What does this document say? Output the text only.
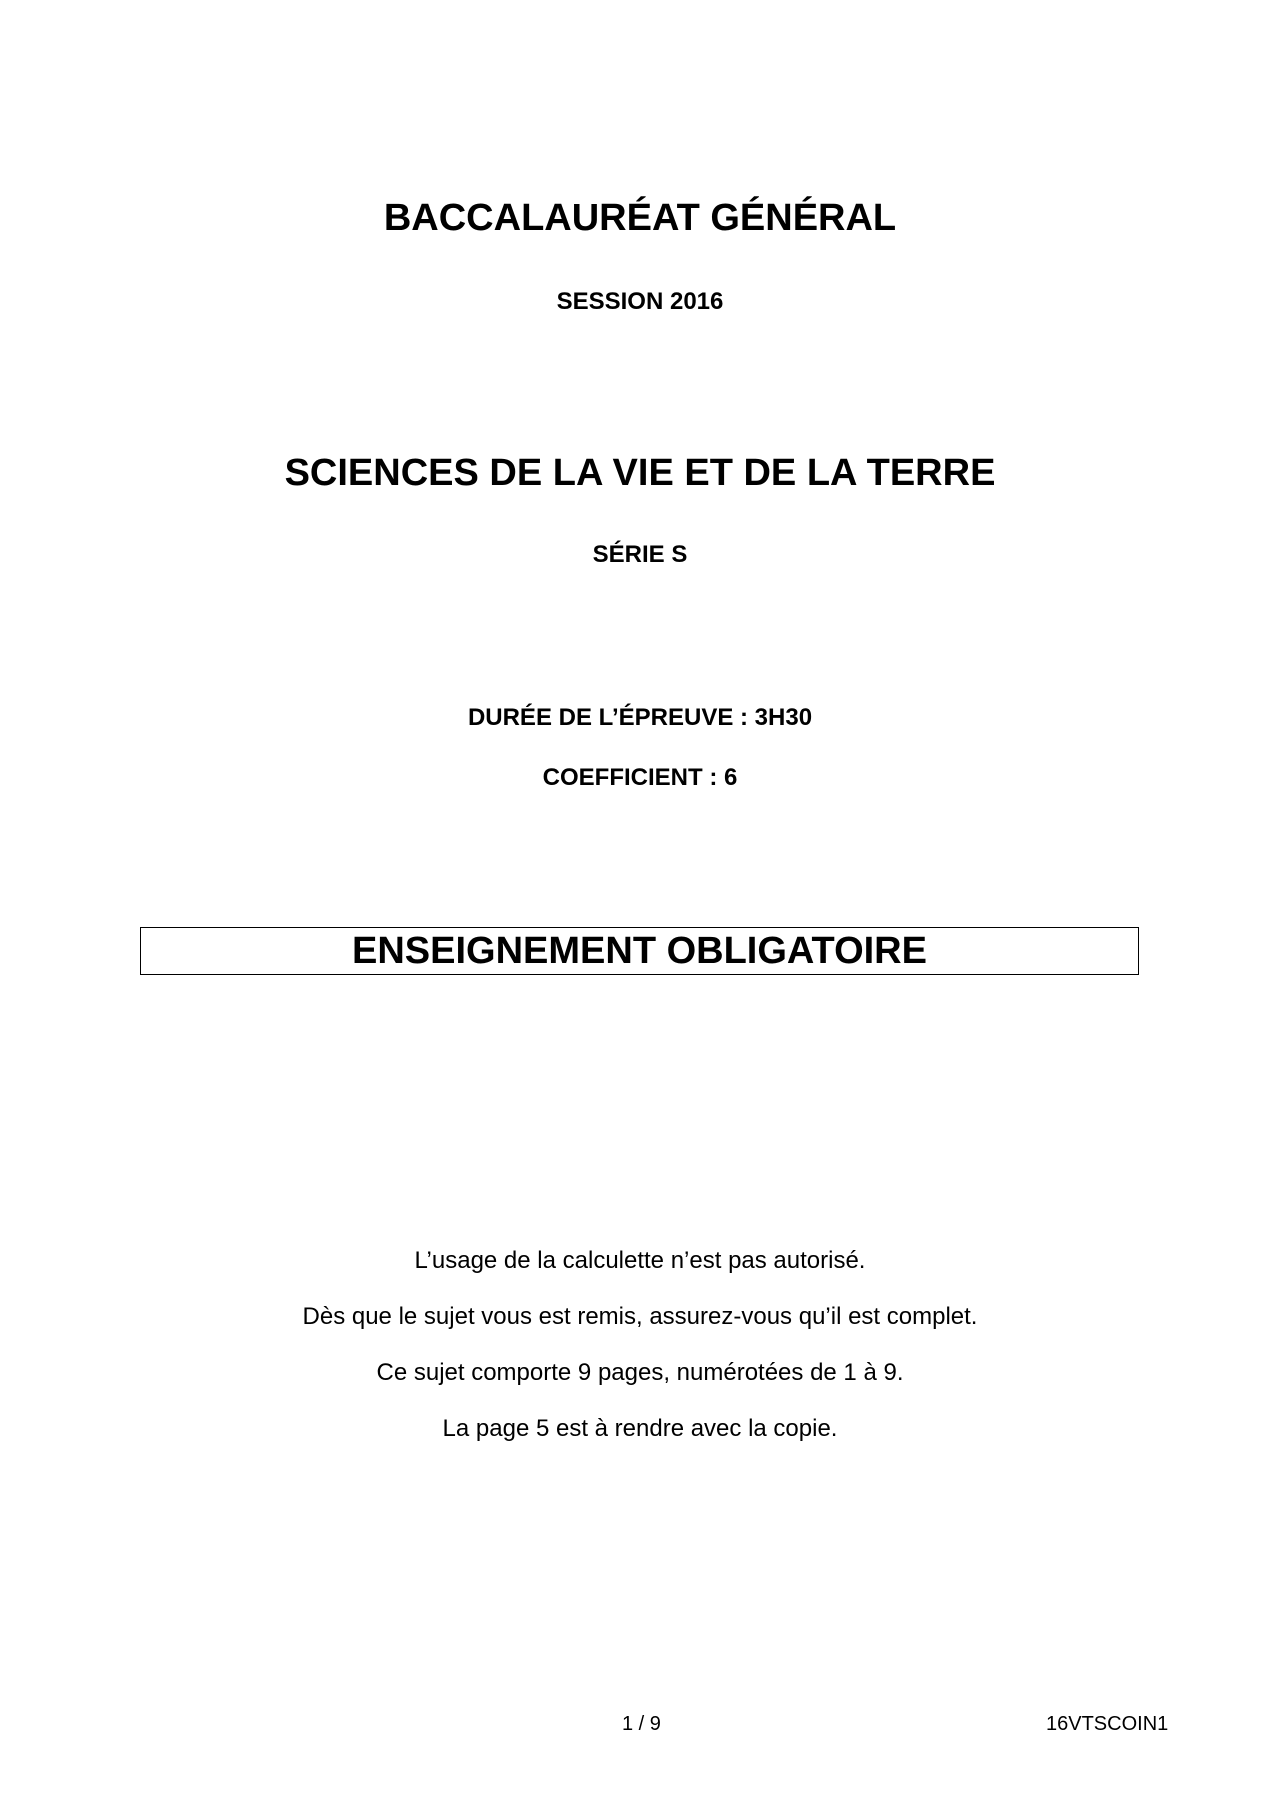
BACCALAURÉAT GÉNÉRAL
SESSION 2016
SCIENCES DE LA VIE ET DE LA TERRE
SÉRIE S
DURÉE DE L’ÉPREUVE : 3H30
COEFFICIENT : 6
ENSEIGNEMENT OBLIGATOIRE
L’usage de la calculette n’est pas autorisé.
Dès que le sujet vous est remis, assurez-vous qu’il est complet.
Ce sujet comporte 9 pages, numérotées de 1 à 9.
La page 5 est à rendre avec la copie.
1 / 9	16VTSCOIN1
